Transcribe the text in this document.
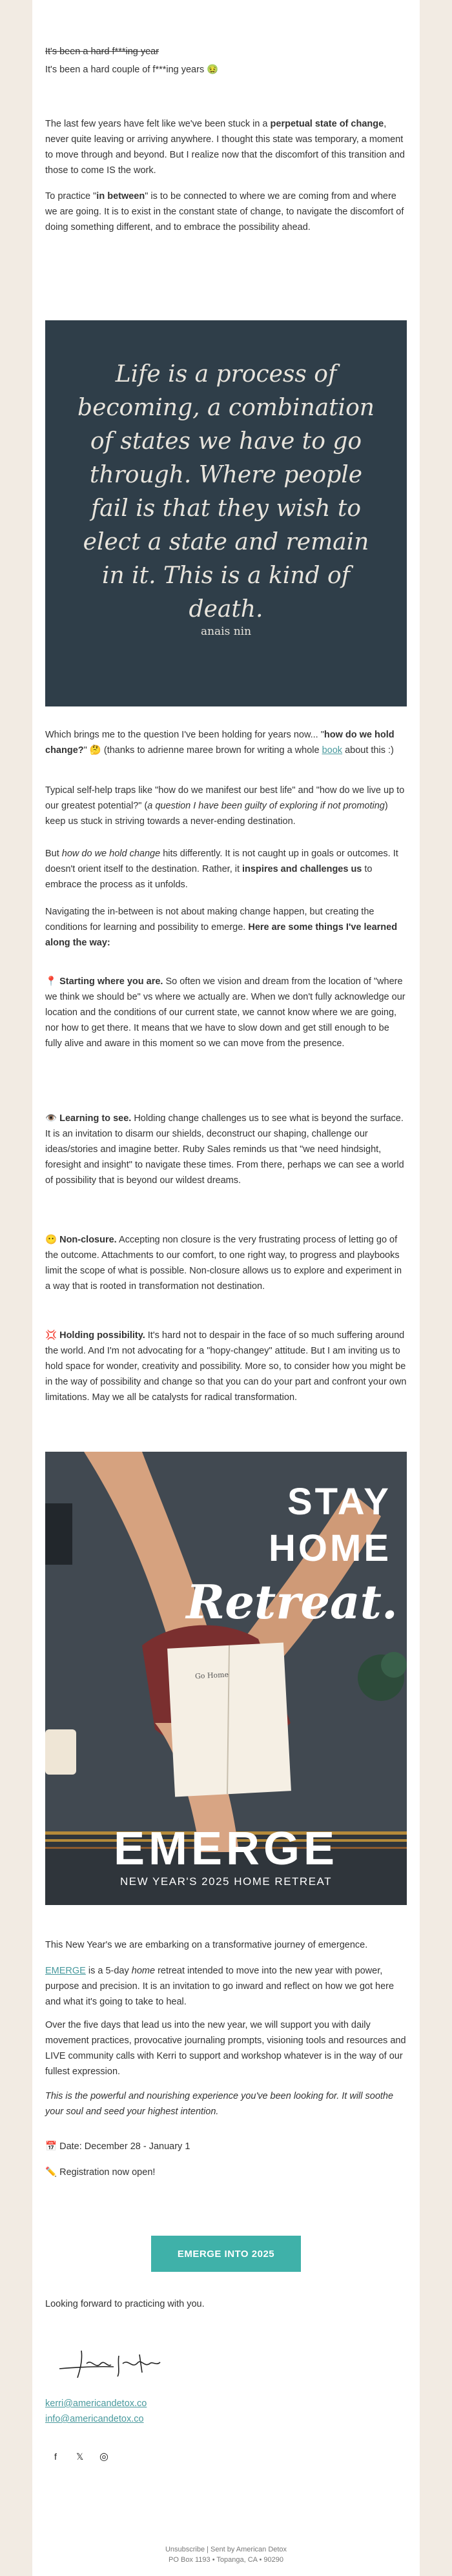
It's been a hard f***ing year

It's been a hard couple of f***ing years 🤢

The last few years have felt like we've been stuck in a perpetual state of change, never quite leaving or arriving anywhere. I thought this state was temporary, a moment to move through and beyond. But I realize now that the discomfort of this transition and those to come IS the work.

To practice "in between" is to be connected to where we are coming from and where we are going. It is to exist in the constant state of change, to navigate the discomfort of doing something different, and to embrace the possibility ahead.

Life is a process of becoming, a combination of states we have to go through. Where people fail is that they wish to elect a state and remain in it. This is a kind of death.
anais nin

Which brings me to the question I've been holding for years now... "how do we hold change?" 🤔 (thanks to adrienne maree brown for writing a whole book about this :)

Typical self-help traps like "how do we manifest our best life" and "how do we live up to our greatest potential?" (a question I have been guilty of exploring if not promoting) keep us stuck in striving towards a never-ending destination.

But how do we hold change hits differently. It is not caught up in goals or outcomes. It doesn't orient itself to the destination. Rather, it inspires and challenges us to embrace the process as it unfolds.

Navigating the in-between is not about making change happen, but creating the conditions for learning and possibility to emerge. Here are some things I've learned along the way:

📍 Starting where you are. So often we vision and dream from the location of "where we think we should be" vs where we actually are. When we don't fully acknowledge our location and the conditions of our current state, we cannot know where we are going, nor how to get there. It means that we have to slow down and get still enough to be fully alive and aware in this moment so we can move from the presence.

👁️ Learning to see. Holding change challenges us to see what is beyond the surface. It is an invitation to disarm our shields, deconstruct our shaping, challenge our ideas/stories and imagine better. Ruby Sales reminds us that "we need hindsight, foresight and insight" to navigate these times. From there, perhaps we can see a world of possibility that is beyond our wildest dreams.

😶 Non-closure. Accepting non closure is the very frustrating process of letting go of the outcome. Attachments to our comfort, to one right way, to progress and playbooks limit the scope of what is possible. Non-closure allows us to explore and experiment in a way that is rooted in transformation not destination.

💢 Holding possibility. It's hard not to despair in the face of so much suffering around the world. And I'm not advocating for a "hopy-changey" attitude. But I am inviting us to hold space for wonder, creativity and possibility. More so, to consider how you might be in the way of possibility and change so that you can do your part and confront your own limitations. May we all be catalysts for radical transformation.

STAY
HOME
Retreat.
Go Home
EMERGE
NEW YEAR'S 2025 HOME RETREAT

This New Year's we are embarking on a transformative journey of emergence.

EMERGE is a 5-day home retreat intended to move into the new year with power, purpose and precision. It is an invitation to go inward and reflect on how we got here and what it's going to take to heal.

Over the five days that lead us into the new year, we will support you with daily movement practices, provocative journaling prompts, visioning tools and resources and LIVE community calls with Kerri to support and workshop whatever is in the way of our fullest expression.

This is the powerful and nourishing experience you've been looking for. It will soothe your soul and seed your highest intention.

📅 Date: December 28 - January 1

✏️ Registration now open!

EMERGE INTO 2025

Looking forward to practicing with you.

kerri@americandetox.co

info@americandetox.co

f 𝕏 ◎
Unsubscribe | Sent by American Detox
PO Box 1193 • Topanga, CA • 90290
